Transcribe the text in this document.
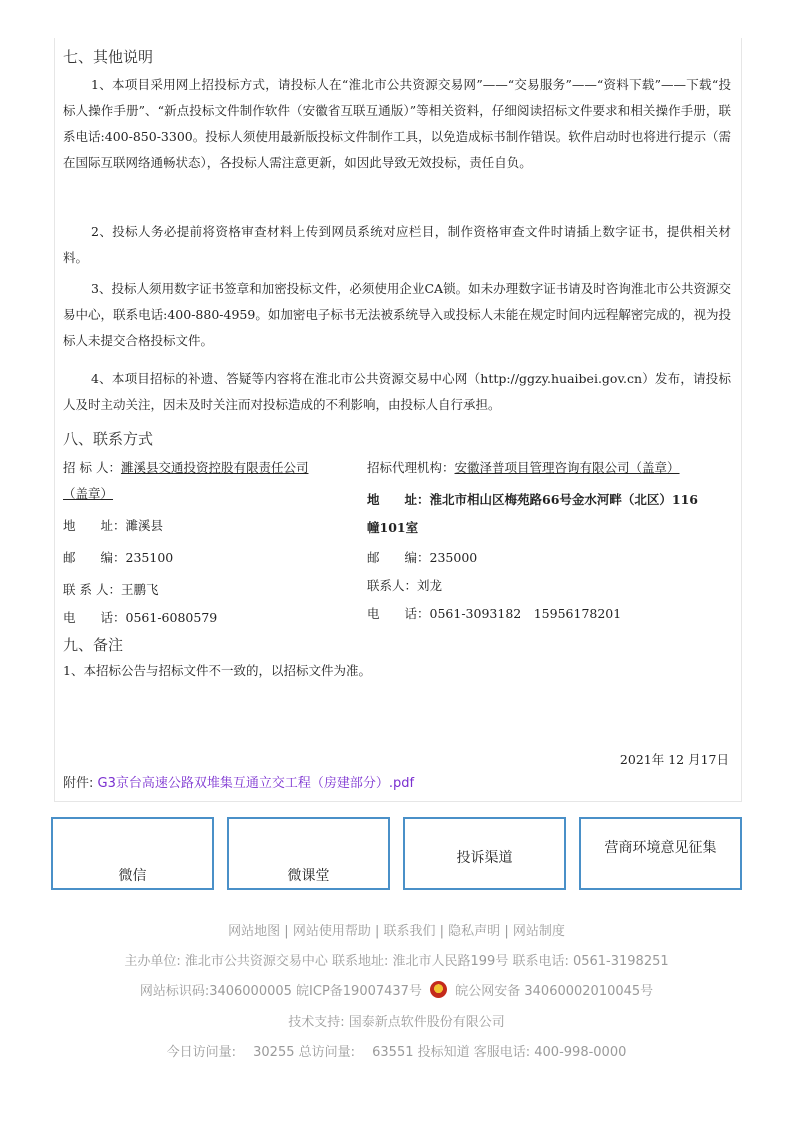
七、其他说明
1、本项目采用网上招投标方式，请投标人在“淮北市公共资源交易网”——“交易服务”——“资料下载”——下载“投标人操作手册”、“新点投标文件制作软件（安徽省互联互通版）”等相关资料，仔细阅读招标文件要求和相关操作手册，联系电话:400-850-3300。投标人须使用最新版投标文件制作工具，以免造成标书制作错误。软件启动时也将进行提示（需在国际互联网络通畅状态），各投标人需注意更新，如因此导致无效投标，责任自负。
2、投标人务必提前将资格审查材料上传到网员系统对应栏目，制作资格审查文件时请插上数字证书，提供相关材料。
3、投标人须用数字证书签章和加密投标文件，必须使用企业CA锁。如未办理数字证书请及时咨询淮北市公共资源交易中心，联系电话:400-880-4959。如加密电子标书无法被系统导入或投标人未能在规定时间内远程解密完成的，视为投标人未提交合格投标文件。
4、本项目招标的补遗、答疑等内容将在淮北市公共资源交易中心网（http://ggzy.huaibei.gov.cn）发布，请投标人及时主动关注，因未及时关注而对投标造成的不利影响，由投标人自行承担。
八、联系方式
招 标 人：濉溪县交通投资控股有限责任公司
（盖章）
地　　址：濉溪县
邮　　编：235100
联 系 人：王鹏飞
电　　话：0561-6080579
招标代理机构：安徽泽普项目管理咨询有限公司（盖章）
地　　址：淮北市相山区梅苑路66号金水河畔（北区）116
幢101室
邮　　编：235000
联系人：刘龙
电　　话：0561-3093182　15956178201
九、备注
1、本招标公告与招标文件不一致的，以招标文件为准。
2021年 12 月17日
附件: G3京台高速公路双堆集互通立交工程（房建部分）.pdf
微信	微课堂
投诉渠道
营商环境意见征集
网站地图 | 网站使用帮助 | 联系我们 | 隐私声明 | 网站制度
主办单位: 淮北市公共资源交易中心 联系地址: 淮北市人民路199号 联系电话: 0561-3198251
网站标识码:3406000005 皖ICP备19007437号	皖公网安备 34060002010045号
技术支持: 国泰新点软件股份有限公司
今日访问量:　 30255 总访问量:　 63551 投标知道 客服电话: 400-998-0000
